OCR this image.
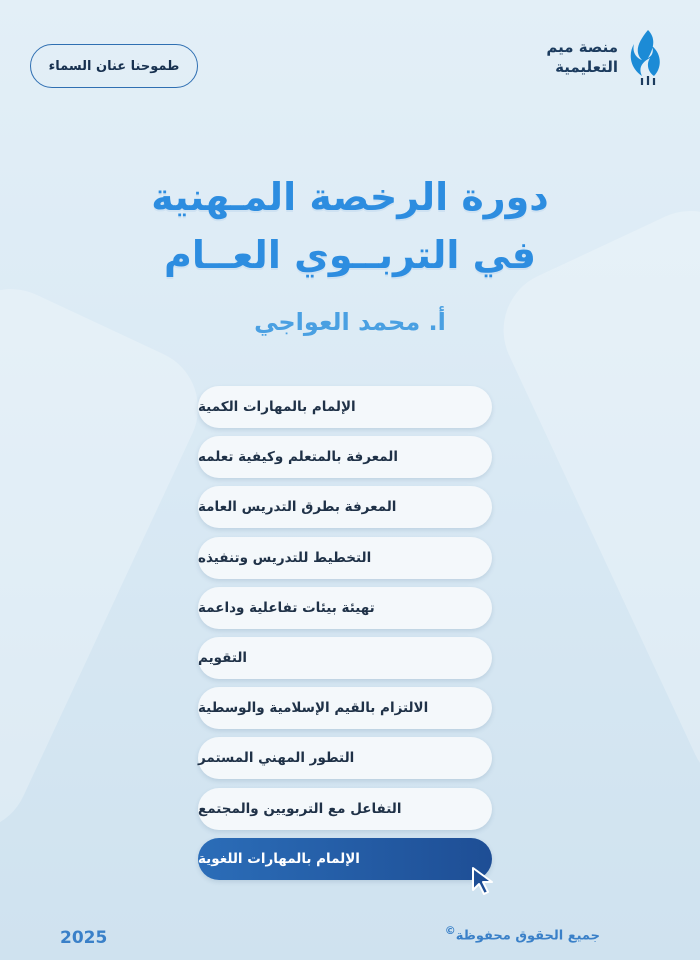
منصة ميم
التعليمية
طموحنا عنان السماء
دورة الرخصة المـهنية
في التربــوي العــام
أ. محمد العواجي
الإلمام بالمهارات الكمية
المعرفة بالمتعلم وكيفية تعلمه
المعرفة بطرق التدريس العامة
التخطيط للتدريس وتنفيذه
تهيئة بيئات تفاعلية وداعمة
التقويم
الالتزام بالقيم الإسلامية والوسطية
التطور المهني المستمر
التفاعل مع التربويين والمجتمع
الإلمام بالمهارات اللغوية
2025	جميع الحقوق محفوظة©
